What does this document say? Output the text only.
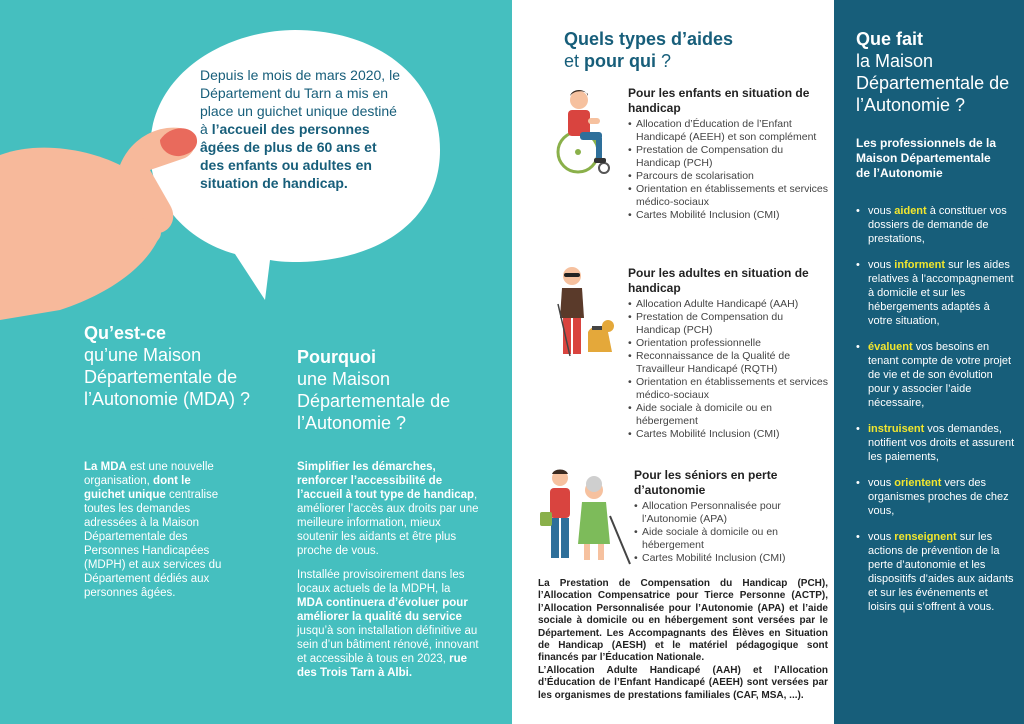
Depuis le mois de mars 2020, le Département du Tarn a mis en place un guichet unique destiné à l’accueil des personnes âgées de plus de 60 ans et des enfants ou adultes en situation de handicap.
Qu’est-ce
qu’une Maison Départementale de l’Autonomie (MDA) ?
La MDA est une nouvelle organisation, dont le guichet unique centralise toutes les demandes adressées à la Maison Départementale des Personnes Handicapées (MDPH) et aux services du Département dédiés aux personnes âgées.
Pourquoi
une Maison Départementale de l’Autonomie ?
Simplifier les démarches, renforcer l’accessibilité de l’accueil à tout type de handicap, améliorer l’accès aux droits par une meilleure information, mieux soutenir les aidants et être plus proche de vous.
Installée provisoirement dans les locaux actuels de la MDPH, la MDA continuera d’évoluer pour améliorer la qualité du service jusqu’à son installation définitive au sein d’un bâtiment rénové, innovant et accessible à tous en 2023, rue des Trois Tarn à Albi.
Quels types d’aides
et pour qui ?
Pour les enfants en situation de handicap
• Allocation d’Éducation de l’Enfant Handicapé (AEEH) et son complément
• Prestation de Compensation du Handicap (PCH)
• Parcours de scolarisation
• Orientation en établissements et services médico-sociaux
• Cartes Mobilité Inclusion (CMI)
Pour les adultes en situation de handicap
• Allocation Adulte Handicapé (AAH)
• Prestation de Compensation du Handicap (PCH)
• Orientation professionnelle
• Reconnaissance de la Qualité de Travailleur Handicapé (RQTH)
• Orientation en établissements et services médico-sociaux
• Aide sociale à domicile ou en hébergement
• Cartes Mobilité Inclusion (CMI)
Pour les séniors en perte d’autonomie
• Allocation Personnalisée pour l’Autonomie (APA)
• Aide sociale à domicile ou en hébergement
• Cartes Mobilité Inclusion (CMI)

La Prestation de Compensation du Handicap (PCH), l’Allocation Compensatrice pour Tierce Personne (ACTP), l’Allocation Personnalisée pour l’Autonomie (APA) et l’aide sociale à domicile ou en hébergement sont versées par le Département. Les Accompagnants des Élèves en Situation de Handicap (AESH) et le matériel pédagogique sont financés par l’Éducation Nationale.

L’Allocation Adulte Handicapé (AAH) et l’Allocation d’Éducation de l’Enfant Handicapé (AEEH) sont versées par les organismes de prestations familiales (CAF, MSA, ...).

Que fait
la Maison Départementale de l’Autonomie ?
Les professionnels de la Maison Départementale de l’Autonomie
• vous aident à constituer vos dossiers de demande de prestations,
• vous informent sur les aides relatives à l’accompagnement à domicile et sur les hébergements adaptés à votre situation,
• évaluent vos besoins en tenant compte de votre projet de vie et de son évolution pour y associer l’aide nécessaire,
• instruisent vos demandes, notifient vos droits et assurent les paiements,
• vous orientent vers des organismes proches de chez vous,
• vous renseignent sur les actions de prévention de la perte d’autonomie et les dispositifs d’aides aux aidants et sur les événements et loisirs qui s’offrent à vous.
